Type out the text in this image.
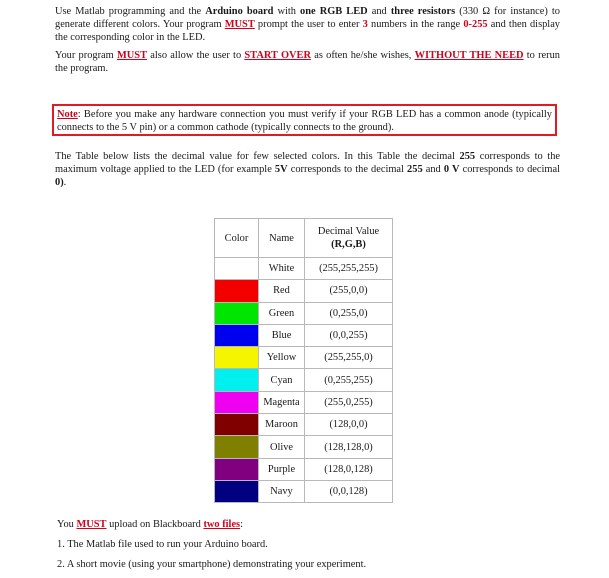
Use Matlab programming and the Arduino board with one RGB LED and three resistors (330 Ω for instance) to generate different colors. Your program MUST prompt the user to enter 3 numbers in the range 0-255 and then display the corresponding color in the LED.

Your program MUST also allow the user to START OVER as often he/she wishes, WITHOUT THE NEED to rerun the program.

Note: Before you make any hardware connection you must verify if your RGB LED has a common anode (typically connects to the 5 V pin) or a common cathode (typically connects to the ground).

The Table below lists the decimal value for few selected colors. In this Table the decimal 255 corresponds to the maximum voltage applied to the LED (for example 5V corresponds to the decimal 255 and 0 V corresponds to decimal 0).

Color	Name	Decimal Value
(R,G,B)

	White	(255,255,255)
	Red	(255,0,0)
	Green	(0,255,0)
	Blue	(0,0,255)
	Yellow	(255,255,0)
	Cyan	(0,255,255)
	Magenta	(255,0,255)
	Maroon	(128,0,0)
	Olive	(128,128,0)
	Purple	(128,0,128)
	Navy	(0,0,128)

You MUST upload on Blackboard two files:

1. The Matlab file used to run your Arduino board.

2. A short movie (using your smartphone) demonstrating your experiment.
